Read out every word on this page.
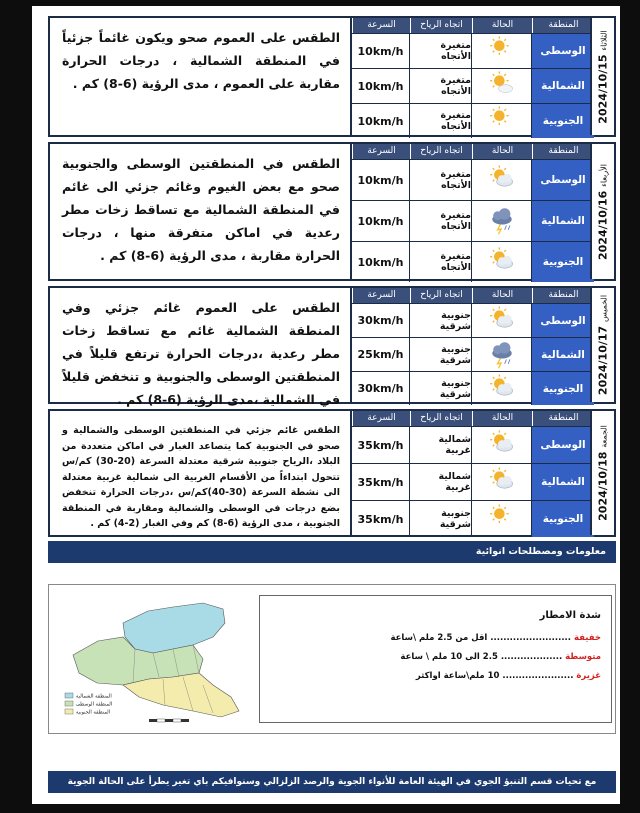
الطقس على العموم صحو ويكون غائماً جزئياً في المنطقة الشمالية ، درجات الحرارة مقاربة على العموم ، مدى الرؤية (6-8) كم .
السرعة	اتجاه الرياح	الحالة	المنطقة
10km/h	متغيرة الأتجاه	الوسطى
10km/h	متغيرة الأتجاه	الشمالية
10km/h	متغيرة الأتجاه	الجنوبية
الثلاثاء 2024/10/15
الطقس في المنطقتين الوسطى والجنوبية صحو مع بعض الغيوم وغائم جزئي الى غائم في المنطقة الشمالية مع تساقط زخات مطر رعدية في اماكن متفرقة منها ، درجات الحرارة مقاربة ، مدى الرؤية (6-8) كم .
السرعة	اتجاه الرياح	الحالة	المنطقة
10km/h	متغيرة الأتجاه	الوسطى
10km/h	متغيرة الأتجاه	الشمالية
10km/h	متغيرة الأتجاه	الجنوبية
الأربعاء 2024/10/16
الطقس على العموم غائم جزئي وفي المنطقة الشمالية غائم مع تساقط زخات مطر رعدية ،درجات الحرارة ترتفع قليلاً في المنطقتين الوسطى والجنوبية و تنخفض قليلاً في الشمالية ،مدى الرؤية (6-8) كم .
السرعة	اتجاه الرياح	الحالة	المنطقة
30km/h	جنوبية شرقية	الوسطى
25km/h	جنوبية شرقية	الشمالية
30km/h	جنوبية شرقية	الجنوبية
الخميس 2024/10/17
الطقس غائم جزئي في المنطقتين الوسطى والشمالية و صحو في الجنوبية كما يتصاعد الغبار في اماكن متعددة من البلاد ،الرياح جنوبية شرقية معتدلة السرعة (20-30) كم/س تتحول ابتداءاً من الأقسام الغربية الى شمالية غربية معتدلة الى نشطة السرعة (30-40)كم/س ،درجات الحرارة تنخفض بضع درجات في الوسطى والشمالية ومقاربة في المنطقة الجنوبية ، مدى الرؤية (6-8) كم وفي الغبار (2-4) كم .
السرعة	اتجاه الرياح	الحالة	المنطقة
35km/h	شمالية غربية	الوسطى
35km/h	شمالية غربية	الشمالية
35km/h	جنوبية شرقية	الجنوبية
الجمعة 2024/10/18
معلومات ومصطلحات انوائية
المنطقة الشمالية
المنطقة الوسطى
المنطقة الجنوبية
شدة الامطار
خفيفة ......................... اقل من 2.5 ملم \ساعة
متوسطة ................... 2.5 الى 10 ملم \ ساعة
غزيرة ...................... 10 ملم\ساعة اواكثر
مع تحيات قسم التنبؤ الجوي في الهيئة العامة للأنواء الجوية والرصد الزلزالي وسنوافيكم باي تغير يطرأ على الحالة الجوية
